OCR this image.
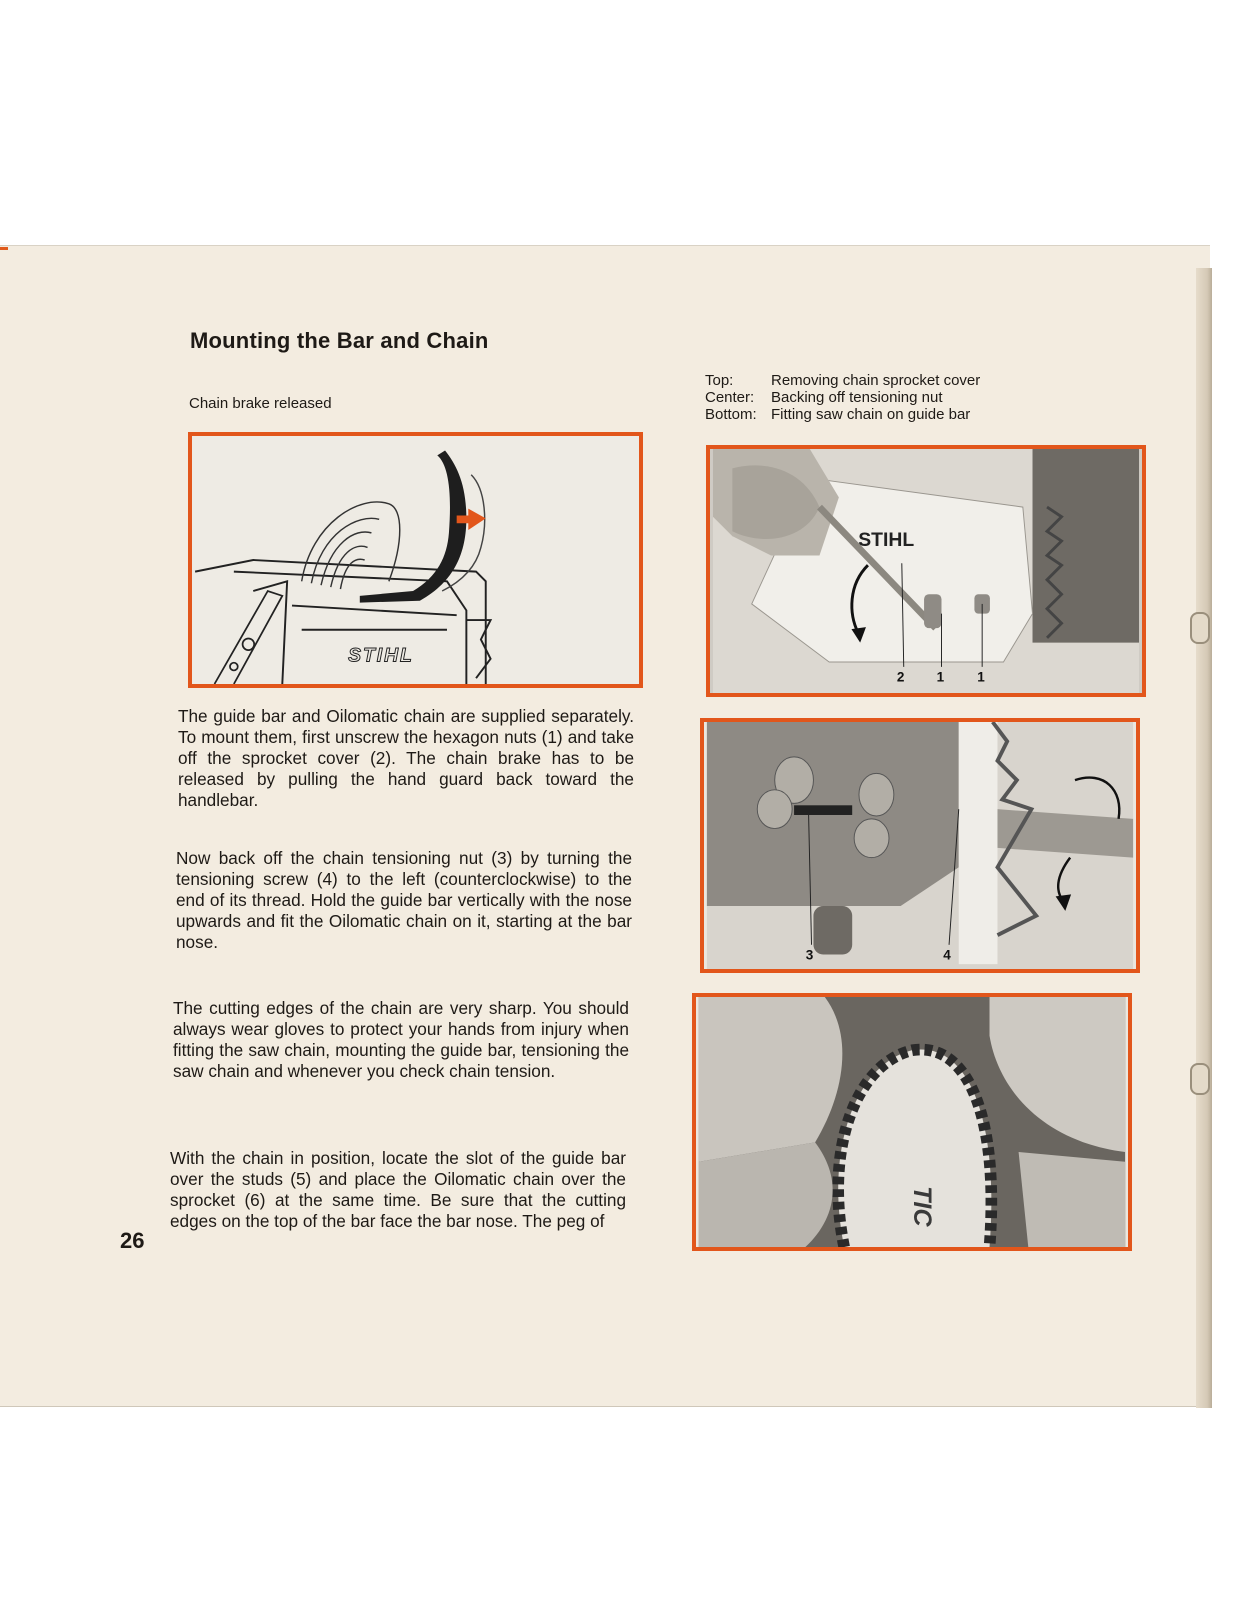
Mounting the Bar and Chain
Chain brake released
Top:	Removing chain sprocket cover
Center:	Backing off tensioning nut
Bottom: Fitting saw chain on guide bar
STIHL
STIHL
2 1 1
3	4
TIC

The guide bar and Oilomatic chain are supplied separately. To mount them, first unscrew the hexagon nuts (1) and take off the sprocket cover (2). The chain brake has to be released by pulling the hand guard back toward the handlebar.

Now back off the chain tensioning nut (3) by turning the tensioning screw (4) to the left (counterclockwise) to the end of its thread. Hold the guide bar vertically with the nose upwards and fit the Oilomatic chain on it, starting at the bar nose.

The cutting edges of the chain are very sharp. You should always wear gloves to protect your hands from injury when fitting the saw chain, mounting the guide bar, tensioning the saw chain and whenever you check chain tension.

With the chain in position, locate the slot of the guide bar over the studs (5) and place the Oilomatic chain over the sprocket (6) at the same time. Be sure that the cutting edges on the top of the bar face the bar nose. The peg of

26
